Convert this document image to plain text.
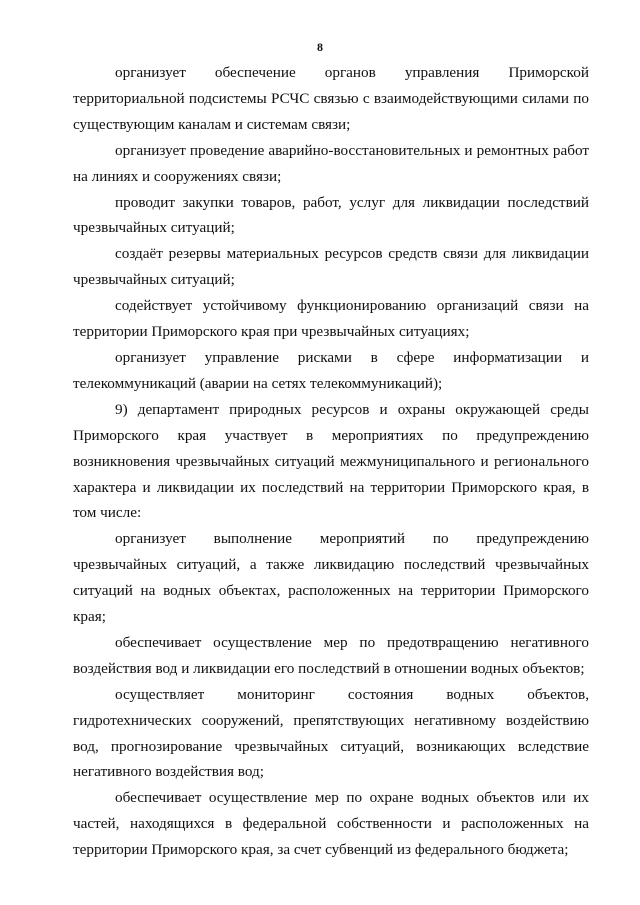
8

организует обеспечение органов управления Приморской территориальной подсистемы РСЧС связью с взаимодействующими силами по существующим каналам и системам связи;

организует проведение аварийно-восстановительных и ремонтных работ на линиях и сооружениях связи;

проводит закупки товаров, работ, услуг для ликвидации последствий чрезвычайных ситуаций;

создаёт резервы материальных ресурсов средств связи для ликвидации чрезвычайных ситуаций;

содействует устойчивому функционированию организаций связи на территории Приморского края при чрезвычайных ситуациях;

организует управление рисками в сфере информатизации и телекоммуникаций (аварии на сетях телекоммуникаций);

9) департамент природных ресурсов и охраны окружающей среды Приморского края участвует в мероприятиях по предупреждению возникновения чрезвычайных ситуаций межмуниципального и регионального характера и ликвидации их последствий на территории Приморского края, в том числе:

организует выполнение мероприятий по предупреждению чрезвычайных ситуаций, а также ликвидацию последствий чрезвычайных ситуаций на водных объектах, расположенных на территории Приморского края;

обеспечивает осуществление мер по предотвращению негативного воздействия вод и ликвидации его последствий в отношении водных объектов;

осуществляет мониторинг состояния водных объектов, гидротехнических сооружений, препятствующих негативному воздействию вод, прогнозирование чрезвычайных ситуаций, возникающих вследствие негативного воздействия вод;

обеспечивает осуществление мер по охране водных объектов или их частей, находящихся в федеральной собственности и расположенных на территории Приморского края, за счет субвенций из федерального бюджета;
